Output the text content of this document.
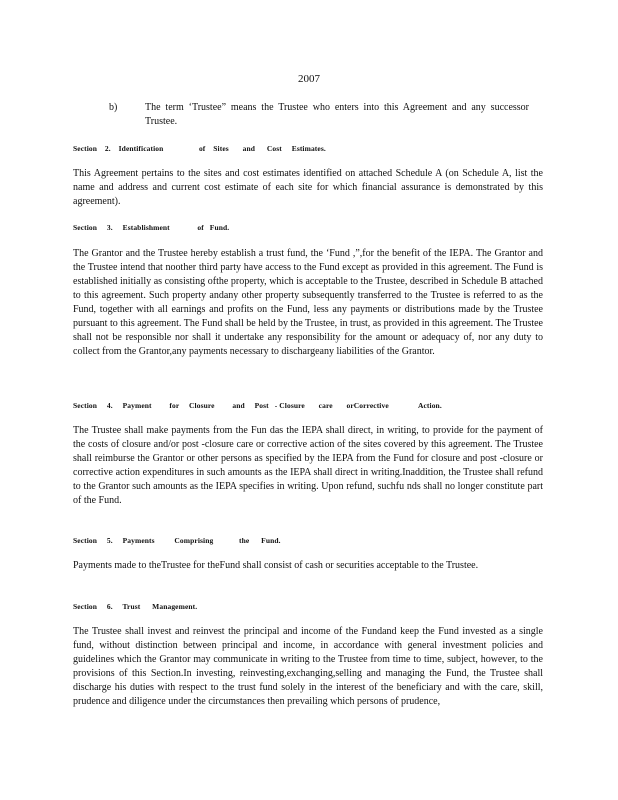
2007
b)	The term ‘Trustee” means the Trustee who enters into this Agreement and any successor Trustee.
Section    2.    Identification                  of    Sites       and      Cost     Estimates.
This Agreement pertains to the sites and cost estimates identified on attached Schedule A (on Schedule A, list the name and address and current cost estimate of each site for which financial assurance is demonstrated by this agreement).
Section     3.     Establishment              of   Fund.
The Grantor and the Trustee hereby establish a trust fund, the ‘Fund ,”,for the benefit of the IEPA. The Grantor and the Trustee intend that noother third party have access to the Fund except as provided in this agreement. The Fund is established initially as consisting ofthe property, which is acceptable to the Trustee, described in Schedule B attached to this agreement. Such property andany other property subsequently transferred to the Trustee is referred to as the Fund, together with all earnings and profits on the Fund, less any payments or distributions made by the Trustee pursuant to this agreement. The Fund shall be held by the Trustee, in trust, as provided in this agreement. The Trustee shall not be responsible nor shall it undertake any responsibility for the amount or adequacy of, nor any duty to collect from the Grantor,any payments necessary to dischargeany liabilities of the Grantor.
Section     4.     Payment         for     Closure         and     Post   - Closure       care       orCorrective               Action.
The Trustee shall make payments from the Fun das the IEPA shall direct, in writing, to provide for the payment of the costs of closure and/or post -closure care or corrective action of the sites covered by this agreement. The Trustee shall reimburse the Grantor or other persons as specified by the IEPA from the Fund for closure and post -closure or corrective action expenditures in such amounts as the IEPA shall direct in writing.Inaddition, the Trustee shall refund to the Grantor such amounts as the IEPA specifies in writing. Upon refund, suchfu nds shall no longer constitute part of the Fund.
Section     5.     Payments          Comprising             the      Fund.
Payments made to theTrustee for theFund shall consist of cash or securities acceptable to the Trustee.
Section     6.     Trust      Management.
The Trustee shall invest and reinvest the principal and income of the Fundand keep the Fund invested as a single fund, without distinction between principal and income, in accordance with general investment policies and guidelines which the Grantor may communicate in writing to the Trustee from time to time, subject, however, to the provisions of this Section.In investing, reinvesting,exchanging,selling and managing the Fund, the Trustee shall discharge his duties with respect to the trust fund solely in the interest of the beneficiary and with the care, skill, prudence and diligence under the circumstances then prevailing which persons of prudence,
